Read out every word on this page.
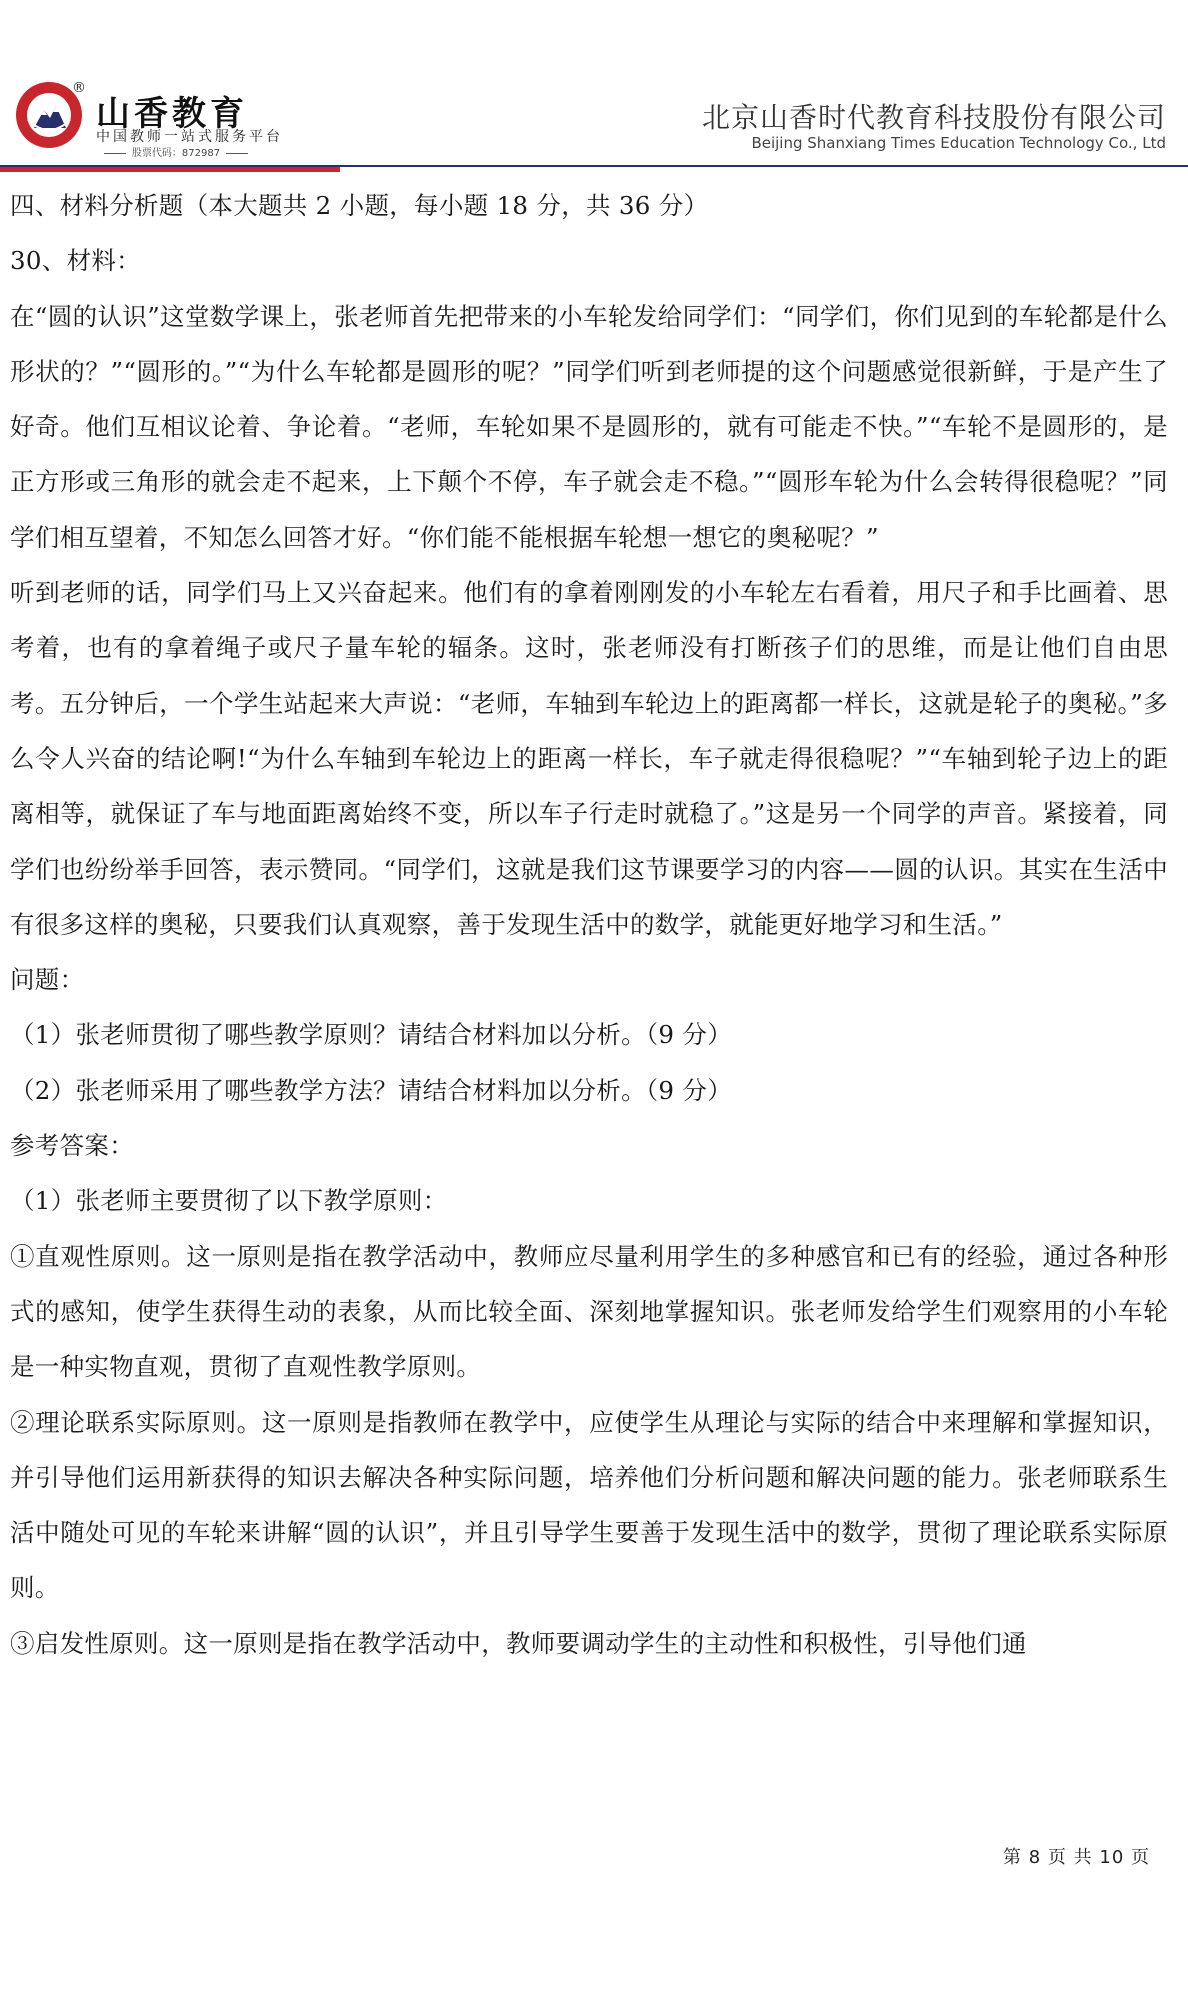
®
山香教育
中国教师一站式服务平台
股票代码：872987
北京山香时代教育科技股份有限公司
Beijing Shanxiang Times Education Technology Co., Ltd
四、材料分析题（本大题共 2 小题，每小题 18 分，共 36 分）
30、材料：
在“圆的认识”这堂数学课上，张老师首先把带来的小车轮发给同学们：“同学们，你们见到的车轮都是什么形状的？”“圆形的。”“为什么车轮都是圆形的呢？”同学们听到老师提的这个问题感觉很新鲜，于是产生了好奇。他们互相议论着、争论着。“老师，车轮如果不是圆形的，就有可能走不快。”“车轮不是圆形的，是正方形或三角形的就会走不起来，上下颠个不停，车子就会走不稳。”“圆形车轮为什么会转得很稳呢？”同学们相互望着，不知怎么回答才好。“你们能不能根据车轮想一想它的奥秘呢？”
听到老师的话，同学们马上又兴奋起来。他们有的拿着刚刚发的小车轮左右看着，用尺子和手比画着、思考着，也有的拿着绳子或尺子量车轮的辐条。这时，张老师没有打断孩子们的思维，而是让他们自由思考。五分钟后，一个学生站起来大声说：“老师，车轴到车轮边上的距离都一样长，这就是轮子的奥秘。”多么令人兴奋的结论啊!“为什么车轴到车轮边上的距离一样长，车子就走得很稳呢？”“车轴到轮子边上的距离相等，就保证了车与地面距离始终不变，所以车子行走时就稳了。”这是另一个同学的声音。紧接着，同学们也纷纷举手回答，表示赞同。“同学们，这就是我们这节课要学习的内容——圆的认识。其实在生活中有很多这样的奥秘，只要我们认真观察，善于发现生活中的数学，就能更好地学习和生活。”
问题：
（1）张老师贯彻了哪些教学原则？请结合材料加以分析。（9 分）
（2）张老师采用了哪些教学方法？请结合材料加以分析。（9 分）
参考答案：
（1）张老师主要贯彻了以下教学原则：
①直观性原则。这一原则是指在教学活动中，教师应尽量利用学生的多种感官和已有的经验，通过各种形式的感知，使学生获得生动的表象，从而比较全面、深刻地掌握知识。张老师发给学生们观察用的小车轮是一种实物直观，贯彻了直观性教学原则。
②理论联系实际原则。这一原则是指教师在教学中，应使学生从理论与实际的结合中来理解和掌握知识，并引导他们运用新获得的知识去解决各种实际问题，培养他们分析问题和解决问题的能力。张老师联系生活中随处可见的车轮来讲解“圆的认识”，并且引导学生要善于发现生活中的数学，贯彻了理论联系实际原则。
③启发性原则。这一原则是指在教学活动中，教师要调动学生的主动性和积极性，引导他们通
第 8 页 共 10 页
